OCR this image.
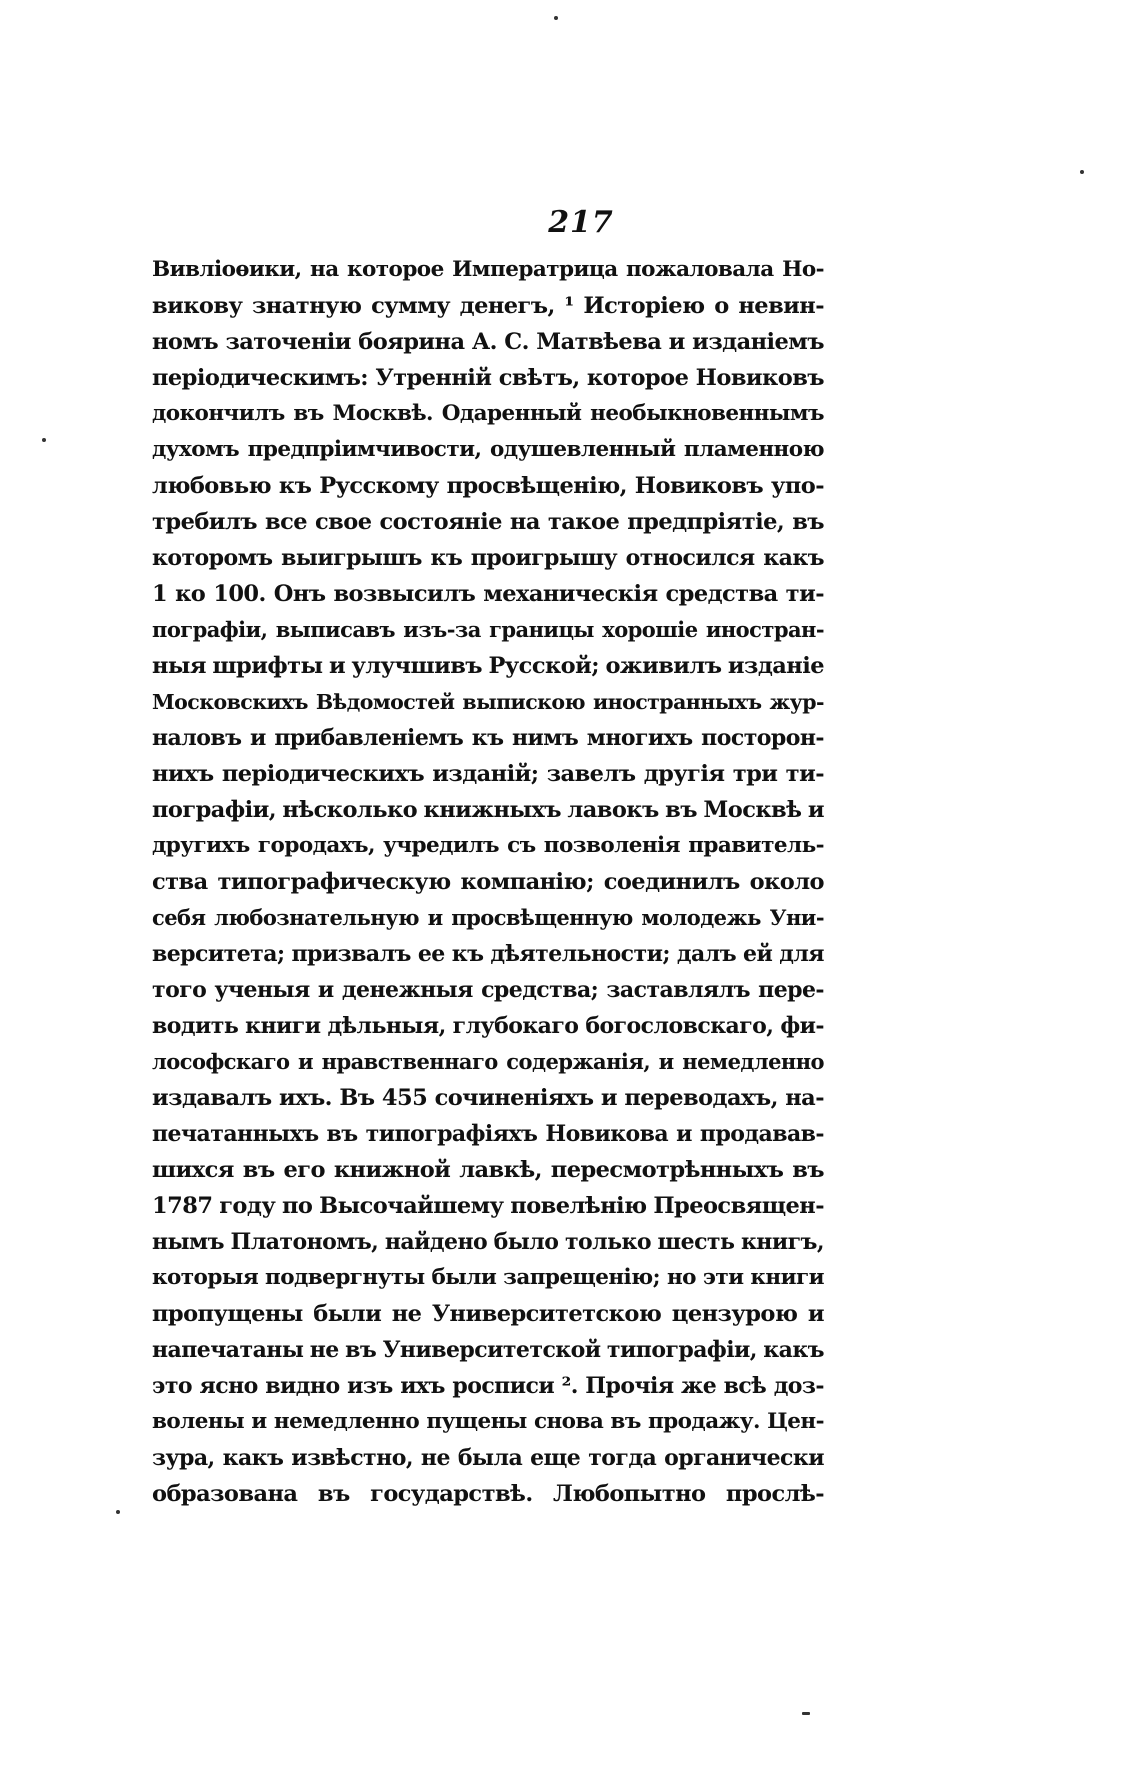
217
Вивліоѳики, на которое Императрица пожаловала Но-
викову знатную сумму денегъ, ¹ Исторіею о невин-
номъ заточеніи боярина А. С. Матвѣева и изданіемъ
періодическимъ: Утренній свѣтъ, которое Новиковъ
докончилъ въ Москвѣ. Одаренный необыкновеннымъ
духомъ предпріимчивости, одушевленный пламенною
любовью къ Русскому просвѣщенію, Новиковъ упо-
требилъ все свое состояніе на такое предпріятіе, въ
которомъ выигрышъ къ проигрышу относился какъ
1 ко 100. Онъ возвысилъ механическія средства ти-
пографіи, выписавъ изъ-за границы хорошіе иностран-
ныя шрифты и улучшивъ Русской; оживилъ изданіе
Московскихъ Вѣдомостей выпискою иностранныхъ жур-
наловъ и прибавленіемъ къ нимъ многихъ посторон-
нихъ періодическихъ изданій; завелъ другія три ти-
пографіи, нѣсколько книжныхъ лавокъ въ Москвѣ и
другихъ городахъ, учредилъ съ позволенія правитель-
ства типографическую компанію; соединилъ около
себя любознательную и просвѣщенную молодежь Уни-
верситета; призвалъ ее къ дѣятельности; далъ ей для
того ученыя и денежныя средства; заставлялъ пере-
водить книги дѣльныя, глубокаго богословскаго, фи-
лософскаго и нравственнаго содержанія, и немедленно
издавалъ ихъ. Въ 455 сочиненіяхъ и переводахъ, на-
печатанныхъ въ типографіяхъ Новикова и продавав-
шихся въ его книжной лавкѣ, пересмотрѣнныхъ въ
1787 году по Высочайшему повелѣнію Преосвящен-
нымъ Платономъ, найдено было только шесть книгъ,
которыя подвергнуты были запрещенію; но эти книги
пропущены были не Университетскою цензурою и
напечатаны не въ Университетской типографіи, какъ
это ясно видно изъ ихъ росписи ². Прочія же всѣ доз-
волены и немедленно пущены снова въ продажу. Цен-
зура, какъ извѣстно, не была еще тогда органически
образована въ государствѣ. Любопытно прослѣ-
